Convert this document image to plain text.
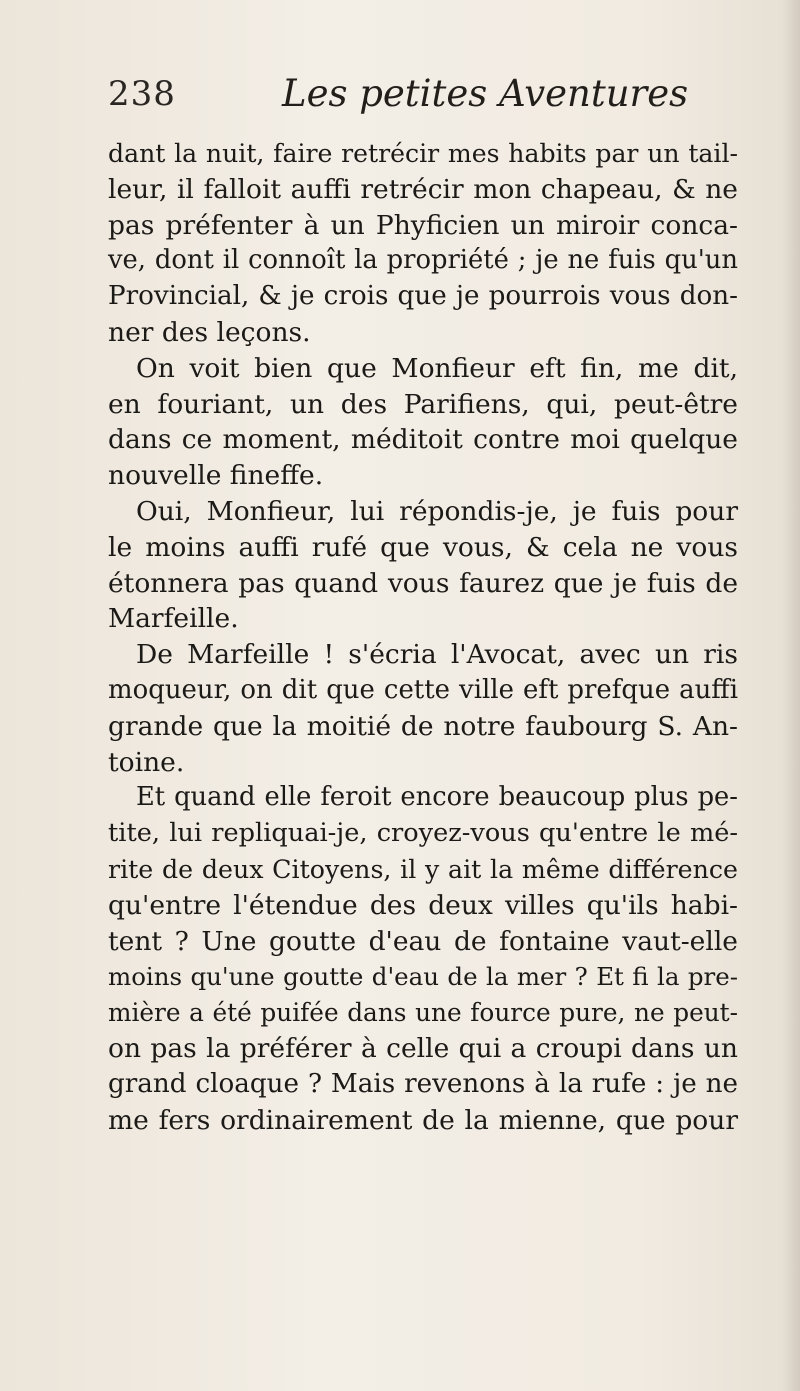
238	Les petites Aventures
dant la nuit, faire retrécir mes habits par un tail-
leur, il falloit auffi retrécir mon chapeau, & ne
pas préfenter à un Phyficien un miroir conca-
ve, dont il connoît la propriété ; je ne fuis qu'un
Provincial, & je crois que je pourrois vous don-
ner des leçons.
On voit bien que Monfieur eft fin, me dit,
en fouriant, un des Parifiens, qui, peut-être
dans ce moment, méditoit contre moi quelque
nouvelle fineffe.
Oui, Monfieur, lui répondis-je, je fuis pour
le moins auffi rufé que vous, & cela ne vous
étonnera pas quand vous faurez que je fuis de
Marfeille.
De Marfeille ! s'écria l'Avocat, avec un ris
moqueur, on dit que cette ville eft prefque auffi
grande que la moitié de notre faubourg S. An-
toine.
Et quand elle feroit encore beaucoup plus pe-
tite, lui repliquai-je, croyez-vous qu'entre le mé-
rite de deux Citoyens, il y ait la même différence
qu'entre l'étendue des deux villes qu'ils habi-
tent ? Une goutte d'eau de fontaine vaut-elle
moins qu'une goutte d'eau de la mer ? Et fi la pre-
mière a été puifée dans une fource pure, ne peut-
on pas la préférer à celle qui a croupi dans un
grand cloaque ? Mais revenons à la rufe : je ne
me fers ordinairement de la mienne, que pour
